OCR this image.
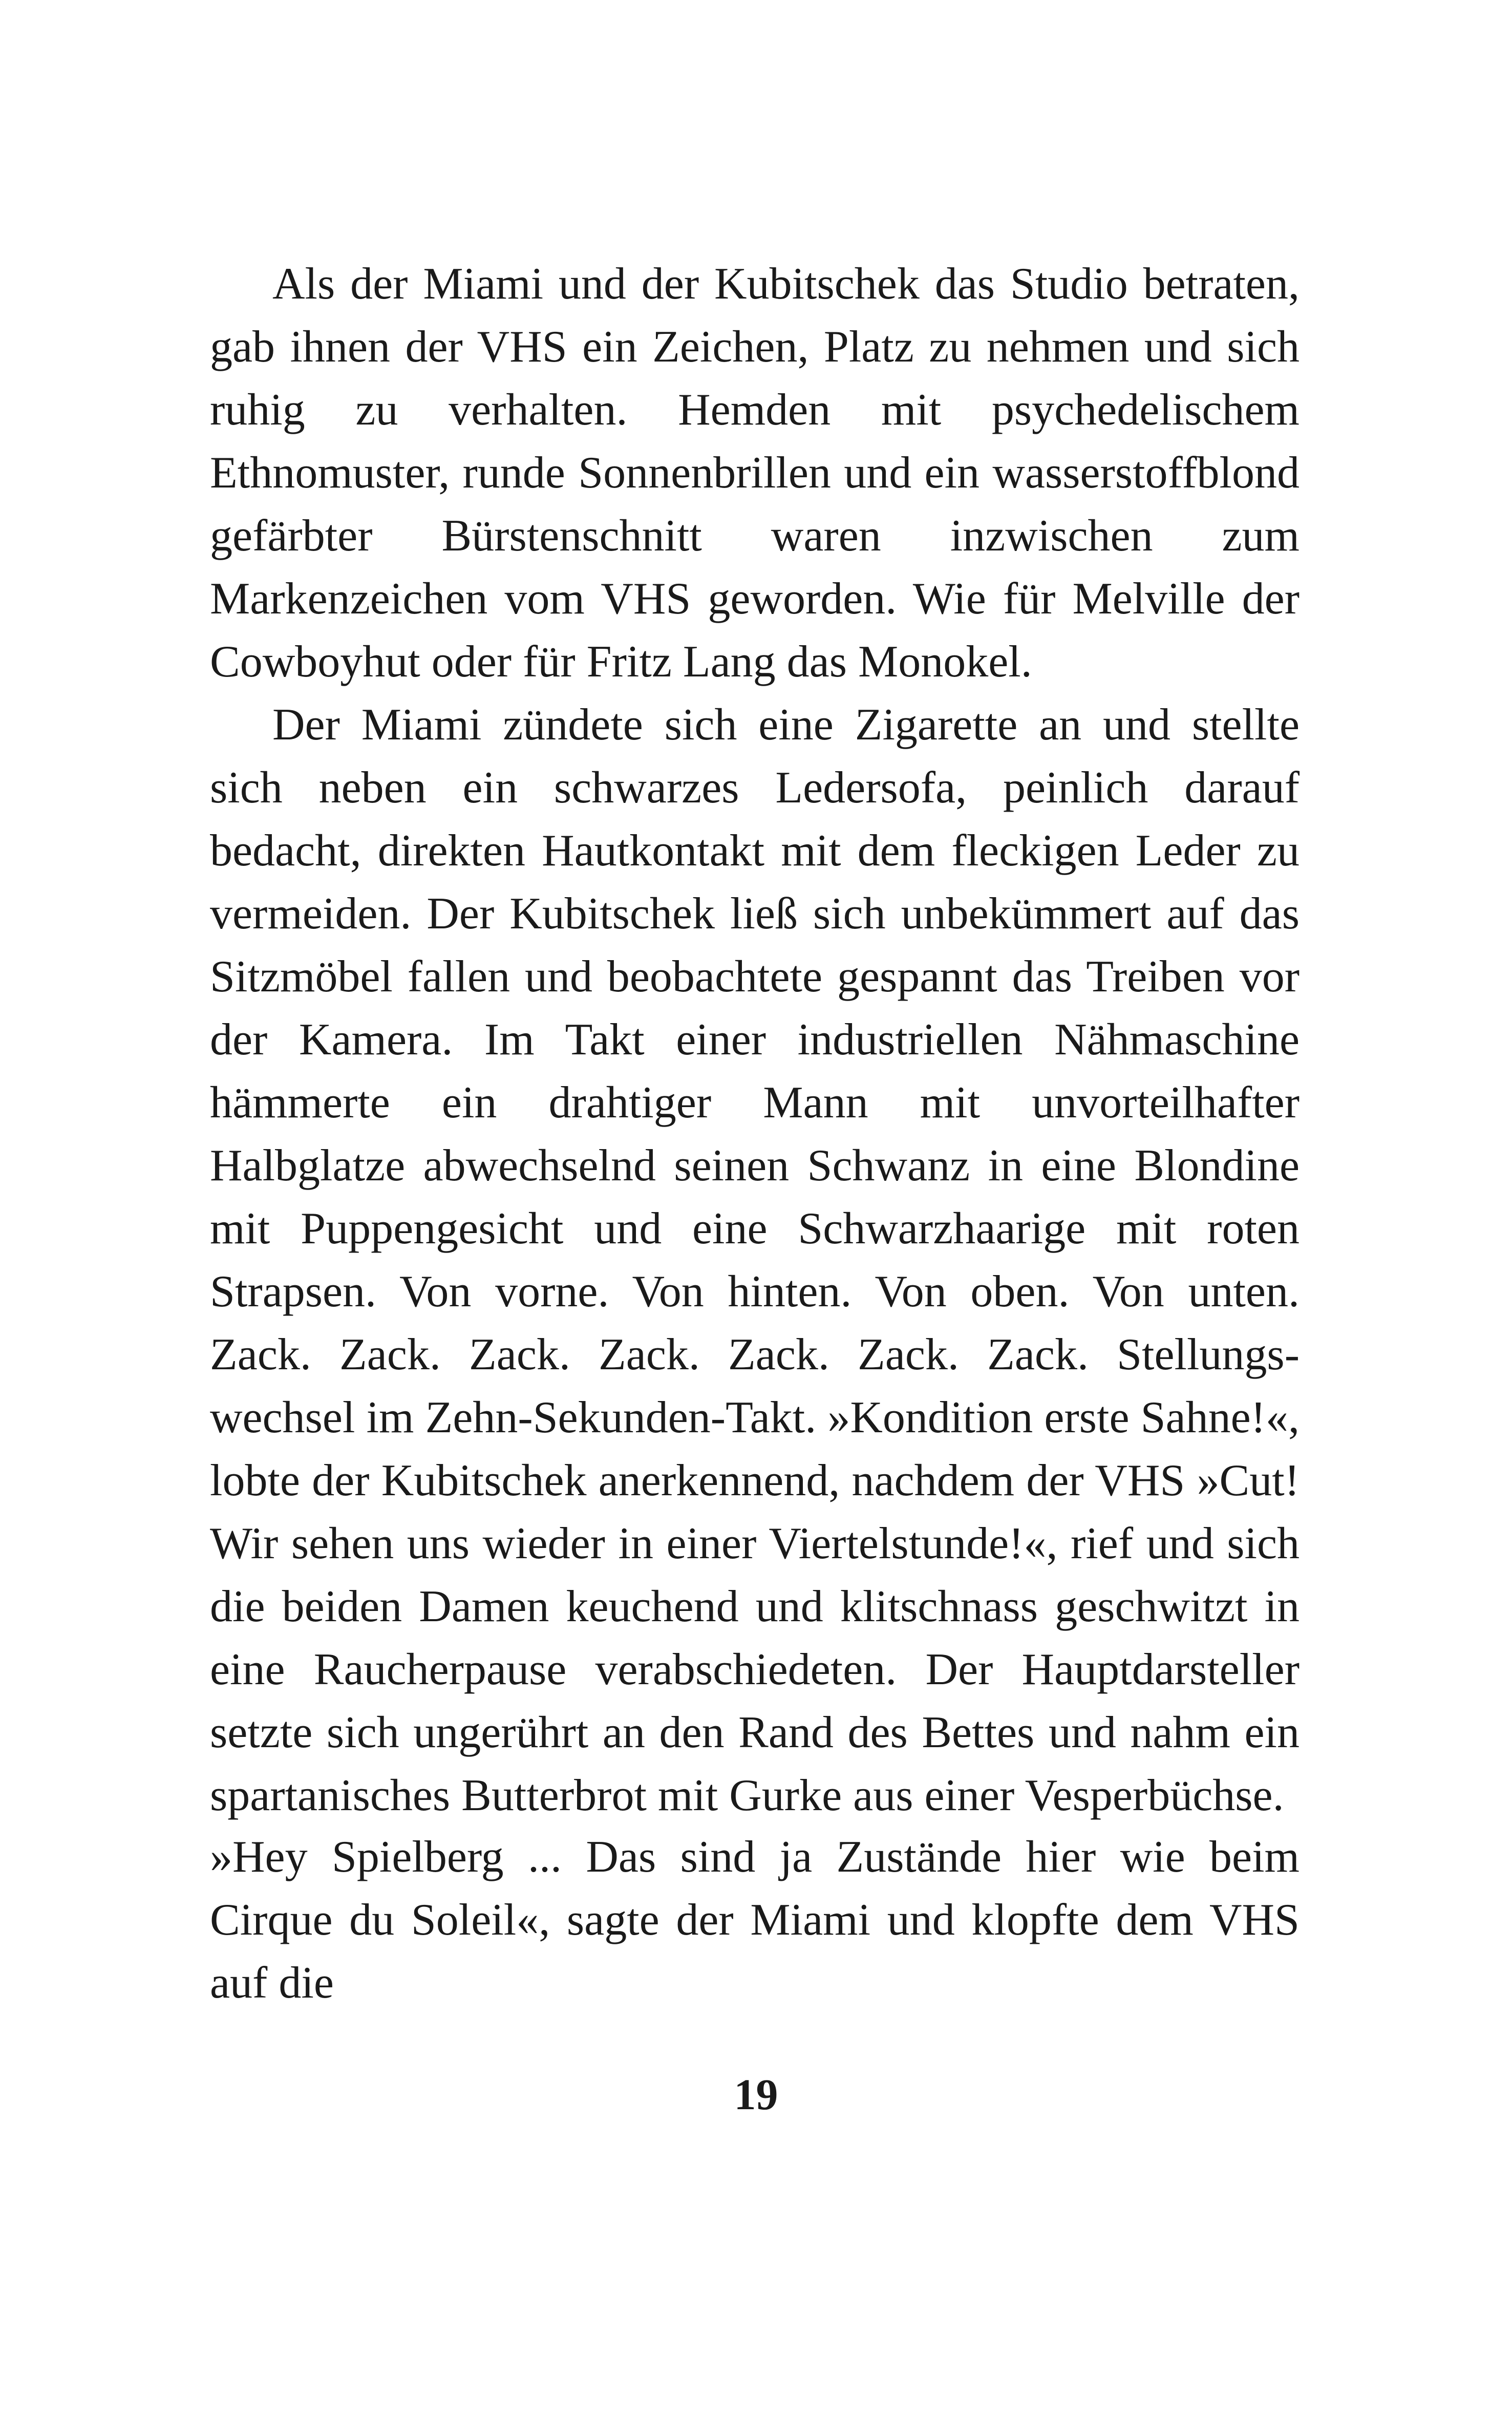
Als der Miami und der Kubitschek das Studio betraten, gab ihnen der VHS ein Zeichen, Platz zu nehmen und sich ruhig zu verhalten. Hemden mit psychedelischem Ethnomuster, runde Sonnenbrillen und ein wasserstoffblond gefärbter Bürstenschnitt waren inzwischen zum Markenzeichen vom VHS geworden. Wie für Melville der Cowboyhut oder für Fritz Lang das Monokel.

Der Miami zündete sich eine Zigarette an und stellte sich neben ein schwarzes Ledersofa, peinlich darauf bedacht, direkten Hautkontakt mit dem fleckigen Leder zu vermeiden. Der Kubitschek ließ sich unbekümmert auf das Sitzmöbel fallen und beobachtete gespannt das Treiben vor der Kamera. Im Takt einer industriellen Nähmaschine hämmerte ein drahtiger Mann mit unvorteilhafter Halbglatze abwechselnd seinen Schwanz in eine Blondine mit Puppengesicht und eine Schwarzhaarige mit roten Strapsen. Von vorne. Von hinten. Von oben. Von unten. Zack. Zack. Zack. Zack. Zack. Zack. Zack. Stellungswechsel im Zehn-Sekunden-Takt. »Kondition erste Sahne!«, lobte der Kubitschek anerkennend, nachdem der VHS »Cut! Wir sehen uns wieder in einer Viertelstunde!«, rief und sich die beiden Damen keuchend und klitschnass geschwitzt in eine Raucherpause verabschiedeten. Der Hauptdarsteller setzte sich ungerührt an den Rand des Bettes und nahm ein spartanisches Butterbrot mit Gurke aus einer Vesperbüchse.

»Hey Spielberg ... Das sind ja Zustände hier wie beim Cirque du Soleil«, sagte der Miami und klopfte dem VHS auf die

19
